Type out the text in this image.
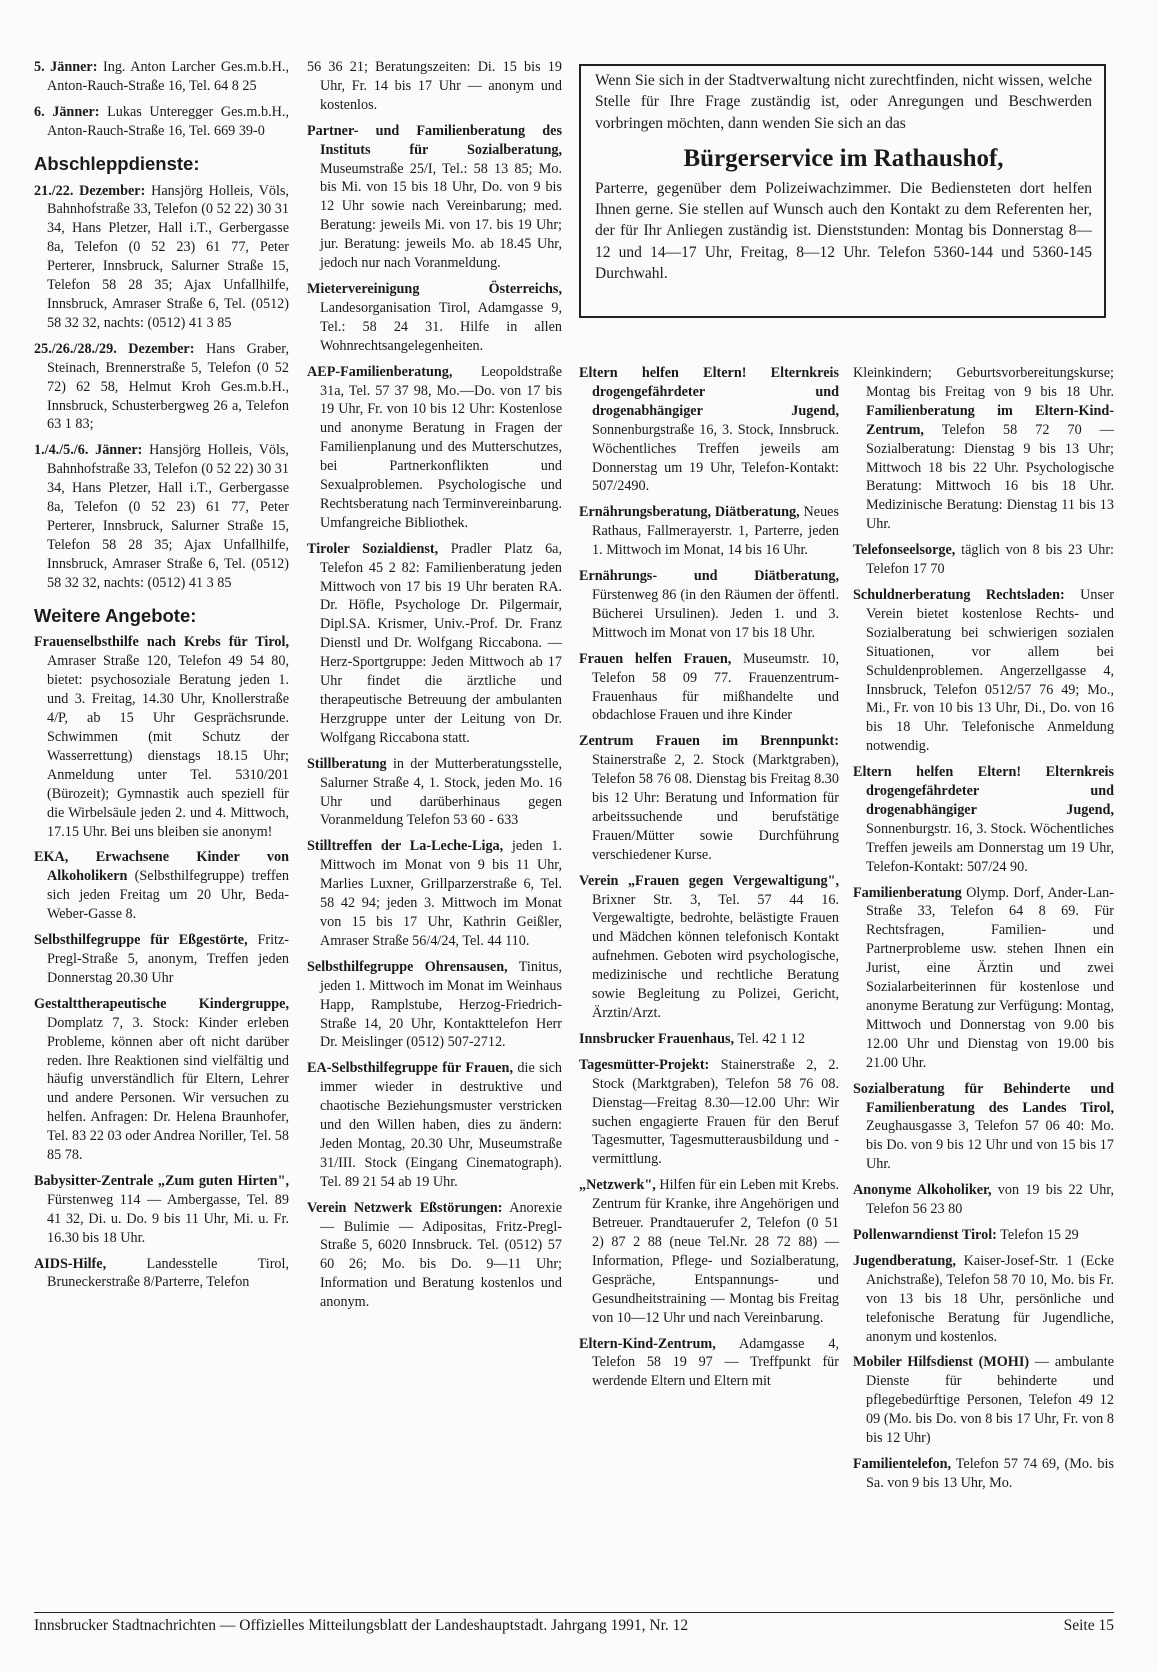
5. Jänner: Ing. Anton Larcher Ges.m.b.H., Anton-Rauch-Straße 16, Tel. 64 8 25
6. Jänner: Lukas Unteregger Ges.m.b.H., Anton-Rauch-Straße 16, Tel. 669 39-0
Abschleppdienste:
21./22. Dezember: Hansjörg Holleis, Völs, Bahnhofstraße 33, Telefon (0 52 22) 30 31 34, Hans Pletzer, Hall i.T., Gerbergasse 8a, Telefon (0 52 23) 61 77, Peter Perterer, Innsbruck, Salurner Straße 15, Telefon 58 28 35; Ajax Unfallhilfe, Innsbruck, Amraser Straße 6, Tel. (0512) 58 32 32, nachts: (0512) 41 3 85
25./26./28./29. Dezember: Hans Graber, Steinach, Brennerstraße 5, Telefon (0 52 72) 62 58, Helmut Kroh Ges.m.b.H., Innsbruck, Schusterbergweg 26 a, Telefon 63 1 83;
1./4./5./6. Jänner: Hansjörg Holleis, Völs, Bahnhofstraße 33, Telefon (0 52 22) 30 31 34, Hans Pletzer, Hall i.T., Gerbergasse 8a, Telefon (0 52 23) 61 77, Peter Perterer, Innsbruck, Salurner Straße 15, Telefon 58 28 35; Ajax Unfallhilfe, Innsbruck, Amraser Straße 6, Tel. (0512) 58 32 32, nachts: (0512) 41 3 85
Weitere Angebote:
Frauenselbsthilfe nach Krebs für Tirol, Amraser Straße 120, Telefon 49 54 80, bietet: psychosoziale Beratung jeden 1. und 3. Freitag, 14.30 Uhr, Knollerstraße 4/P, ab 15 Uhr Gesprächsrunde. Schwimmen (mit Schutz der Wasserrettung) dienstags 18.15 Uhr; Anmeldung unter Tel. 5310/201 (Bürozeit); Gymnastik auch speziell für die Wirbelsäule jeden 2. und 4. Mittwoch, 17.15 Uhr. Bei uns bleiben sie anonym!
EKA, Erwachsene Kinder von Alkoholikern (Selbsthilfegruppe) treffen sich jeden Freitag um 20 Uhr, Beda-Weber-Gasse 8.
Selbsthilfegruppe für Eßgestörte, Fritz-Pregl-Straße 5, anonym, Treffen jeden Donnerstag 20.30 Uhr
Gestalttherapeutische Kindergruppe, Domplatz 7, 3. Stock: Kinder erleben Probleme, können aber oft nicht darüber reden. Ihre Reaktionen sind vielfältig und häufig unverständlich für Eltern, Lehrer und andere Personen. Wir versuchen zu helfen. Anfragen: Dr. Helena Braunhofer, Tel. 83 22 03 oder Andrea Noriller, Tel. 58 85 78.
Babysitter-Zentrale „Zum guten Hirten", Fürstenweg 114 — Ambergasse, Tel. 89 41 32, Di. u. Do. 9 bis 11 Uhr, Mi. u. Fr. 16.30 bis 18 Uhr.
AIDS-Hilfe,	Landesstelle Tirol, Bruneckerstraße 8/Parterre, Telefon
56 36 21; Beratungszeiten: Di. 15 bis 19 Uhr, Fr. 14 bis 17 Uhr — anonym und kostenlos.
Partner- und Familienberatung des Instituts für Sozialberatung, Museumstraße 25/I, Tel.: 58 13 85; Mo. bis Mi. von 15 bis 18 Uhr, Do. von 9 bis 12 Uhr sowie nach Vereinbarung; med. Beratung: jeweils Mi. von 17. bis 19 Uhr; jur. Beratung: jeweils Mo. ab 18.45 Uhr, jedoch nur nach Voranmeldung.
Mietervereinigung Österreichs, Landesorganisation Tirol, Adamgasse 9, Tel.: 58 24 31. Hilfe in allen Wohnrechtsangelegenheiten.
AEP-Familienberatung, Leopoldstraße 31a, Tel. 57 37 98, Mo.—Do. von 17 bis 19 Uhr, Fr. von 10 bis 12 Uhr: Kostenlose und anonyme Beratung in Fragen der Familienplanung und des Mutterschutzes, bei Partnerkonflikten und Sexualproblemen. Psychologische und Rechtsberatung nach Terminvereinbarung. Umfangreiche Bibliothek.
Tiroler Sozialdienst, Pradler Platz 6a, Telefon 45 2 82: Familienberatung jeden Mittwoch von 17 bis 19 Uhr beraten RA. Dr. Höfle, Psychologe Dr. Pilgermair, Dipl.SA. Krismer, Univ.-Prof. Dr. Franz Dienstl und Dr. Wolfgang Riccabona. — Herz-Sportgruppe: Jeden Mittwoch ab 17 Uhr findet die ärztliche und therapeutische Betreuung der ambulanten Herzgruppe unter der Leitung von Dr. Wolfgang Riccabona statt.
Stillberatung in der Mutterberatungsstelle, Salurner Straße 4, 1. Stock, jeden Mo. 16 Uhr und darüberhinaus gegen Voranmeldung Telefon 53 60 - 633
Stilltreffen der La-Leche-Liga, jeden 1. Mittwoch im Monat von 9 bis 11 Uhr, Marlies Luxner, Grillparzerstraße 6, Tel. 58 42 94; jeden 3. Mittwoch im Monat von 15 bis 17 Uhr, Kathrin Geißler, Amraser Straße 56/4/24, Tel. 44 110.
Selbsthilfegruppe Ohrensausen, Tinitus, jeden 1. Mittwoch im Monat im Weinhaus Happ, Ramplstube, Herzog-Friedrich-Straße 14, 20 Uhr, Kontakttelefon Herr Dr. Meislinger (0512) 507-2712.
EA-Selbsthilfegruppe für Frauen, die sich immer wieder in destruktive und chaotische Beziehungsmuster verstricken und den Willen haben, dies zu ändern: Jeden Montag, 20.30 Uhr, Museumstraße 31/III. Stock (Eingang Cinematograph). Tel. 89 21 54 ab 19 Uhr.
Verein Netzwerk Eßstörungen: Anorexie — Bulimie — Adipositas, Fritz-Pregl-Straße 5, 6020 Innsbruck. Tel. (0512) 57 60 26; Mo. bis Do. 9—11 Uhr; Information und Beratung kostenlos und anonym.

Wenn Sie sich in der Stadtverwaltung nicht zurechtfinden, nicht wissen, welche Stelle für Ihre Frage zuständig ist, oder Anregungen und Beschwerden vorbringen möchten, dann wenden Sie sich an das

Bürgerservice im Rathaushof,

Parterre, gegenüber dem Polizeiwachzimmer. Die Bediensteten dort helfen Ihnen gerne. Sie stellen auf Wunsch auch den Kontakt zu dem Referenten her, der für Ihr Anliegen zuständig ist. Dienststunden: Montag bis Donnerstag 8—12 und 14—17 Uhr, Freitag, 8—12 Uhr. Telefon 5360-144 und 5360-145 Durchwahl.

Eltern helfen Eltern! Elternkreis drogengefährdeter und drogenabhängiger Jugend, Sonnenburgstraße 16, 3. Stock, Innsbruck. Wöchentliches Treffen jeweils am Donnerstag um 19 Uhr, Telefon-Kontakt: 507/2490.
Ernährungsberatung, Diätberatung, Neues Rathaus, Fallmerayerstr. 1, Parterre, jeden 1. Mittwoch im Monat, 14 bis 16 Uhr.
Ernährungs- und Diätberatung, Fürstenweg 86 (in den Räumen der öffentl. Bücherei Ursulinen). Jeden 1. und 3. Mittwoch im Monat von 17 bis 18 Uhr.
Frauen helfen Frauen, Museumstr. 10, Telefon 58 09 77. Frauenzentrum-Frauenhaus für mißhandelte und obdachlose Frauen und ihre Kinder
Zentrum Frauen im Brennpunkt: Stainerstraße 2, 2. Stock (Marktgraben), Telefon 58 76 08. Dienstag bis Freitag 8.30 bis 12 Uhr: Beratung und Information für arbeitssuchende und berufstätige Frauen/Mütter sowie Durchführung verschiedener Kurse.
Verein „Frauen gegen Vergewaltigung", Brixner Str. 3, Tel. 57 44 16. Vergewaltigte, bedrohte, belästigte Frauen und Mädchen können telefonisch Kontakt aufnehmen. Geboten wird psychologische, medizinische und rechtliche Beratung sowie Begleitung zu Polizei, Gericht, Ärztin/Arzt.
Innsbrucker Frauenhaus, Tel. 42 1 12
Tagesmütter-Projekt: Stainerstraße 2, 2. Stock (Marktgraben), Telefon 58 76 08. Dienstag—Freitag 8.30—12.00 Uhr: Wir suchen engagierte Frauen für den Beruf Tagesmutter, Tagesmutterausbildung und -vermittlung.
„Netzwerk", Hilfen für ein Leben mit Krebs. Zentrum für Kranke, ihre Angehörigen und Betreuer. Prandtauerufer 2, Telefon (0 51 2) 87 2 88 (neue Tel.Nr. 28 72 88) — Information, Pflege- und Sozialberatung, Gespräche, Entspannungs- und Gesundheitstraining — Montag bis Freitag von 10—12 Uhr und nach Vereinbarung.
Eltern-Kind-Zentrum, Adamgasse 4, Telefon 58 19 97 — Treffpunkt für werdende Eltern und Eltern mit
Kleinkindern; Geburtsvorbereitungskurse; Montag bis Freitag von 9 bis 18 Uhr. Familienberatung im Eltern-Kind-Zentrum, Telefon 58 72 70 — Sozialberatung: Dienstag 9 bis 13 Uhr; Mittwoch 18 bis 22 Uhr. Psychologische Beratung: Mittwoch 16 bis 18 Uhr. Medizinische Beratung: Dienstag 11 bis 13 Uhr.
Telefonseelsorge, täglich von 8 bis 23 Uhr: Telefon 17 70
Schuldnerberatung Rechtsladen: Unser Verein bietet kostenlose Rechts- und Sozialberatung bei schwierigen sozialen Situationen, vor allem bei Schuldenproblemen. Angerzellgasse 4, Innsbruck, Telefon 0512/57 76 49; Mo., Mi., Fr. von 10 bis 13 Uhr, Di., Do. von 16 bis 18 Uhr. Telefonische Anmeldung notwendig.
Eltern helfen Eltern! Elternkreis drogengefährdeter und drogenabhängiger Jugend, Sonnenburgstr. 16, 3. Stock. Wöchentliches Treffen jeweils am Donnerstag um 19 Uhr, Telefon-Kontakt: 507/24 90.
Familienberatung Olymp. Dorf, Ander-Lan-Straße 33, Telefon 64 8 69. Für Rechtsfragen, Familien- und Partnerprobleme usw. stehen Ihnen ein Jurist, eine Ärztin und zwei Sozialarbeiterinnen für kostenlose und anonyme Beratung zur Verfügung: Montag, Mittwoch und Donnerstag von 9.00 bis 12.00 Uhr und Dienstag von 19.00 bis 21.00 Uhr.
Sozialberatung für Behinderte und Familienberatung des Landes Tirol, Zeughausgasse 3, Telefon 57 06 40: Mo. bis Do. von 9 bis 12 Uhr und von 15 bis 17 Uhr.
Anonyme Alkoholiker, von 19 bis 22 Uhr, Telefon 56 23 80
Pollenwarndienst Tirol: Telefon 15 29
Jugendberatung, Kaiser-Josef-Str. 1 (Ecke Anichstraße), Telefon 58 70 10, Mo. bis Fr. von 13 bis 18 Uhr, persönliche und telefonische Beratung für Jugendliche, anonym und kostenlos.
Mobiler Hilfsdienst (MOHI) — ambulante Dienste für behinderte und pflegebedürftige Personen, Telefon 49 12 09 (Mo. bis Do. von 8 bis 17 Uhr, Fr. von 8 bis 12 Uhr)
Familientelefon, Telefon 57 74 69, (Mo. bis Sa. von 9 bis 13 Uhr, Mo.
Innsbrucker Stadtnachrichten — Offizielles Mitteilungsblatt der Landeshauptstadt. Jahrgang 1991, Nr. 12	Seite 15
